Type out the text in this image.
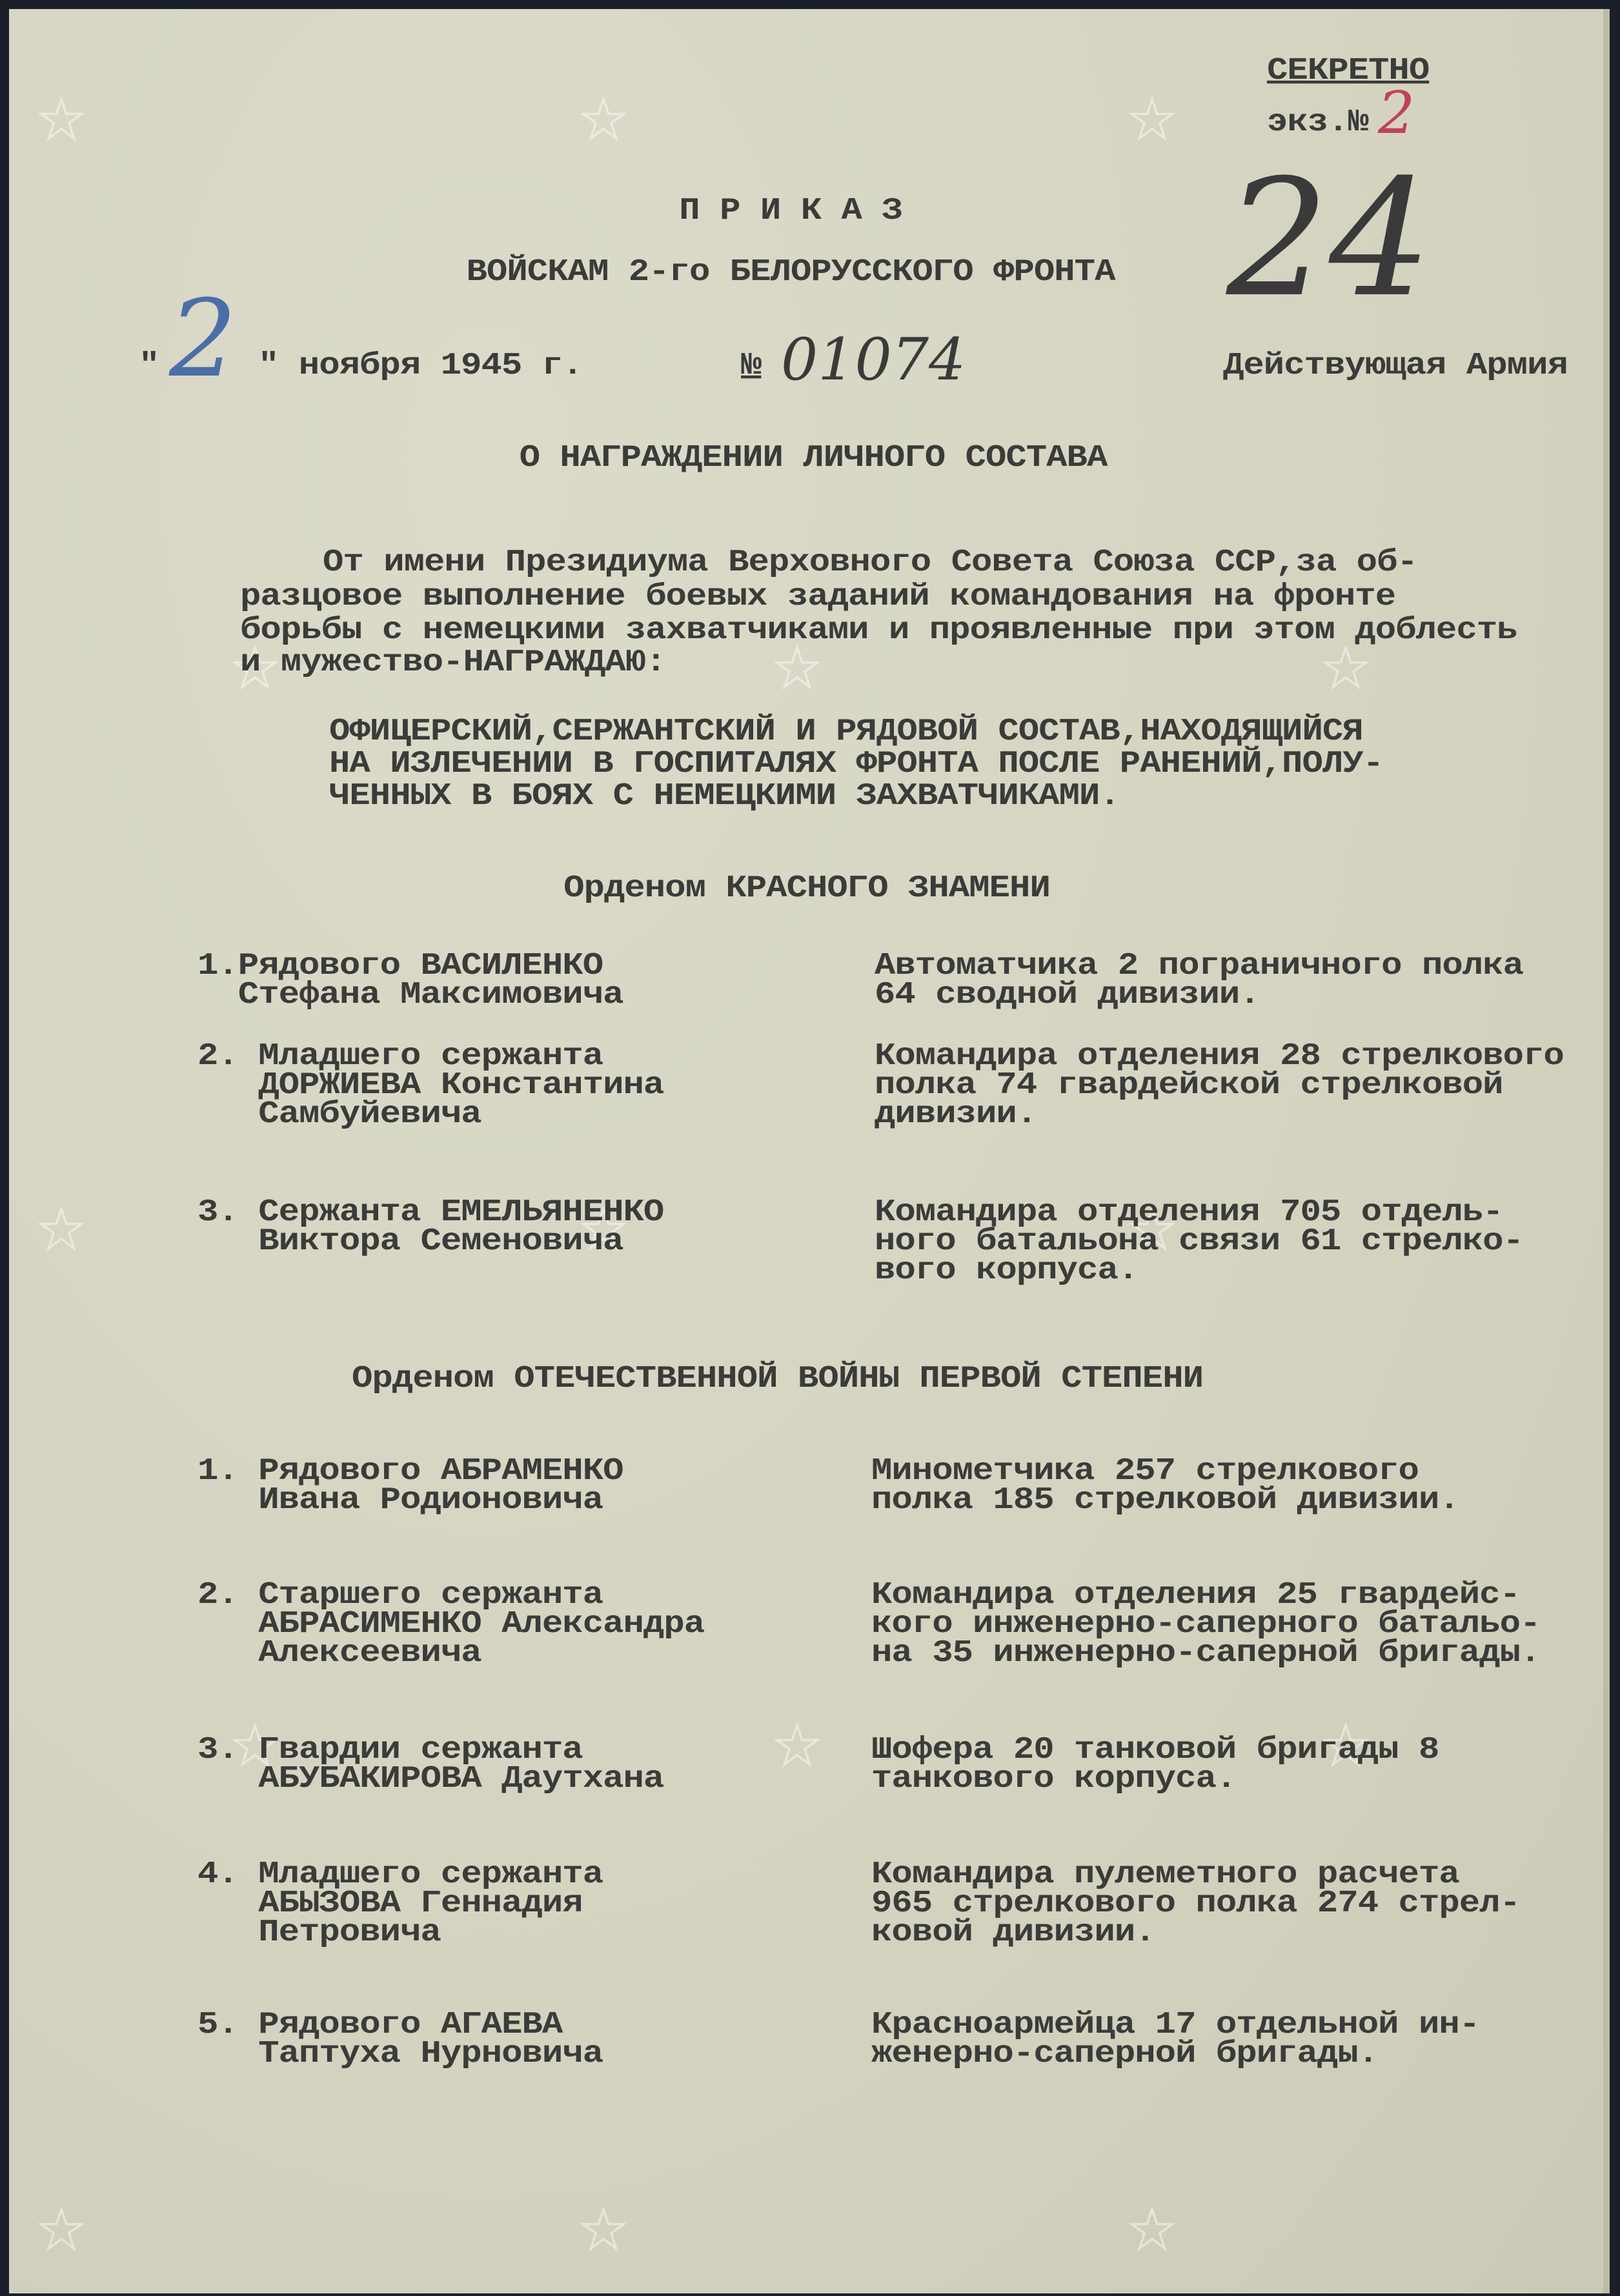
СЕКРЕТНО
экз.№ 2
24
П Р И К А З
ВОЙСКАМ 2-го БЕЛОРУССКОГО ФРОНТА
" 2 " ноября 1945 г.	№ 01074	Действующая Армия
О НАГРАЖДЕНИИ ЛИЧНОГО СОСТАВА
От имени Президиума Верховного Совета Союза ССР,за об-
разцовое выполнение боевых заданий командования на фронте
борьбы с немецкими захватчиками и проявленные при этом доблесть
и мужество-НАГРАЖДАЮ:
ОФИЦЕРСКИЙ,СЕРЖАНТСКИЙ И РЯДОВОЙ СОСТАВ,НАХОДЯЩИЙСЯ
НА ИЗЛЕЧЕНИИ В ГОСПИТАЛЯХ ФРОНТА ПОСЛЕ РАНЕНИЙ,ПОЛУ-
ЧЕННЫХ В БОЯХ С НЕМЕЦКИМИ ЗАХВАТЧИКАМИ.
Орденом КРАСНОГО ЗНАМЕНИ
1.Рядового ВАСИЛЕНКО
Стефана Максимовича
Автоматчика 2 пограничного полка
64 сводной дивизии.
2. Младшего сержанта
ДОРЖИЕВА Константина
Самбуйевича
Командира отделения 28 стрелкового
полка 74 гвардейской стрелковой
дивизии.
3. Сержанта ЕМЕЛЬЯНЕНКО
Виктора Семеновича
Командира отделения 705 отдель-
ного батальона связи 61 стрелко-
вого корпуса.
Орденом ОТЕЧЕСТВЕННОЙ ВОЙНЫ ПЕРВОЙ СТЕПЕНИ
1. Рядового АБРАМЕНКО
Ивана Родионовича
Минометчика 257 стрелкового
полка 185 стрелковой дивизии.
2. Старшего сержанта
АБРАСИМЕНКО Александра
Алексеевича
Командира отделения 25 гвардейс-
кого инженерно-саперного батальо-
на 35 инженерно-саперной бригады.
3. Гвардии сержанта
АБУБАКИРОВА Даутхана
Шофера 20 танковой бригады 8
танкового корпуса.
4. Младшего сержанта
АБЫЗОВА Геннадия
Петровича
Командира пулеметного расчета
965 стрелкового полка 274 стрел-
ковой дивизии.
5. Рядового АГАЕВА
Таптуха Нурновича
Красноармейца 17 отдельной ин-
женерно-саперной бригады.
